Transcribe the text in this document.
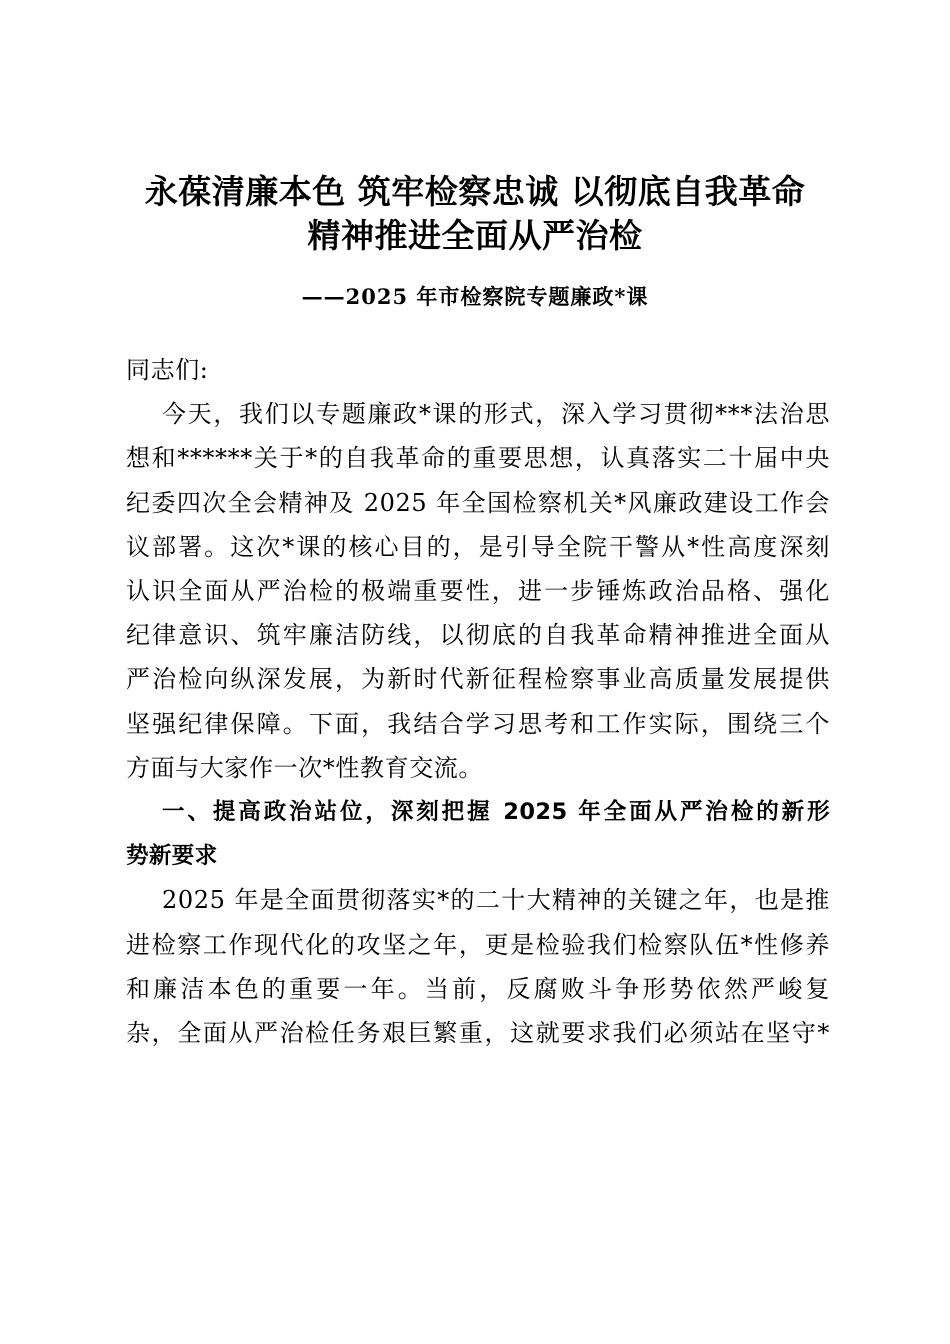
永葆清廉本色 筑牢检察忠诚 以彻底自我革命
精神推进全面从严治检
——2025 年市检察院专题廉政*课

同志们:

今天，我们以专题廉政*课的形式，深入学习贯彻***法治思
想和******关于*的自我革命的重要思想，认真落实二十届中央
纪委四次全会精神及 2025 年全国检察机关*风廉政建设工作会
议部署。这次*课的核心目的，是引导全院干警从*性高度深刻
认识全面从严治检的极端重要性，进一步锤炼政治品格、强化
纪律意识、筑牢廉洁防线，以彻底的自我革命精神推进全面从
严治检向纵深发展，为新时代新征程检察事业高质量发展提供
坚强纪律保障。下面，我结合学习思考和工作实际，围绕三个
方面与大家作一次*性教育交流。

一、提高政治站位，深刻把握 2025 年全面从严治检的新形
势新要求

2025 年是全面贯彻落实*的二十大精神的关键之年，也是推
进检察工作现代化的攻坚之年，更是检验我们检察队伍*性修养
和廉洁本色的重要一年。当前，反腐败斗争形势依然严峻复
杂，全面从严治检任务艰巨繁重，这就要求我们必须站在坚守*
